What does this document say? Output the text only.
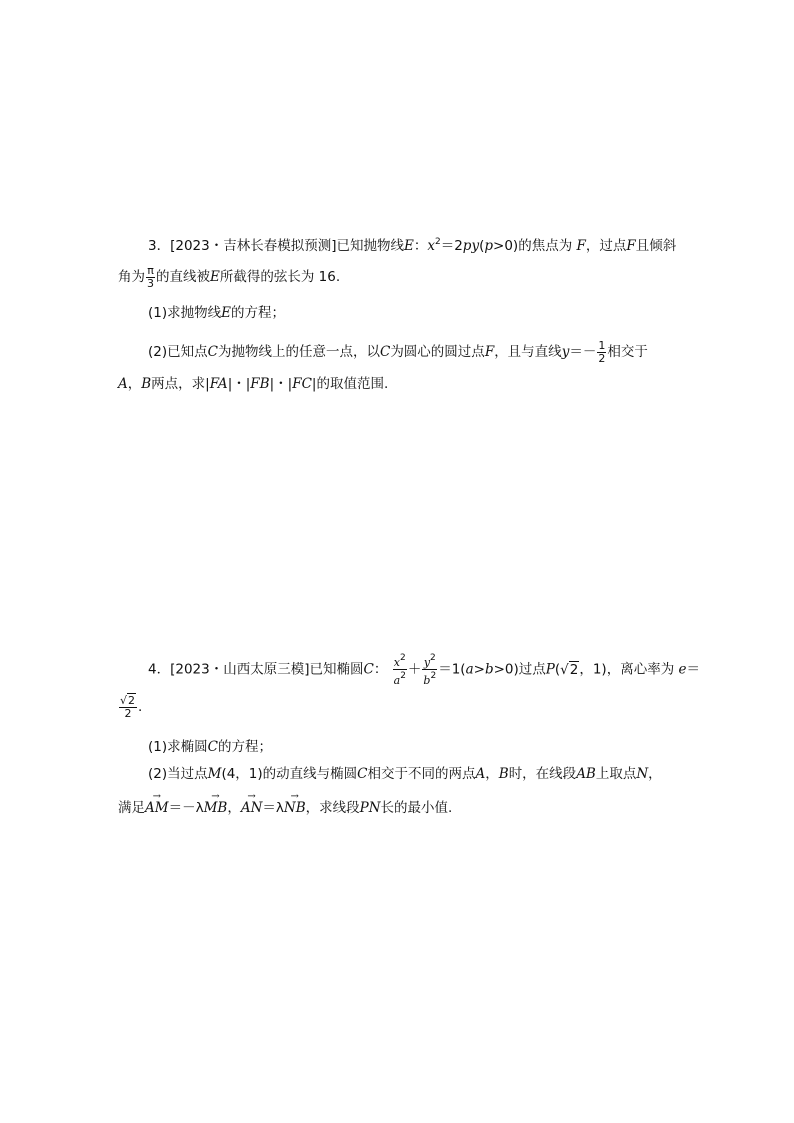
3．[2023・吉林长春模拟预测]已知抛物线E：$x^2=2py(p>0)$的焦点为 F，过点F且倾斜
角为 $\frac{\pi}{3}$ 的直线被E所截得的弦长为 16.
(1)求抛物线E的方程；
(2)已知点C为抛物线上的任意一点，以C为圆心的圆过点F，且与直线$y=- \frac{1}{2}$ 相交于
A，B两点，求|FA|・|FB|・|FC|的取值范围.
4．[2023・山西太原三模]已知椭圆C： $\frac{x^2}{a^2} + \frac{y^2}{b^2} =1(a>b>0)$过点P(√2，1)，离心率为 e＝
$\frac{√2}{2}$ .
(1)求椭圆C的方程；
(2)当过点M(4，1)的动直线与椭圆C相交于不同的两点A，B时，在线段AB上取点N，
满足→ AM＝－λ→ MB，→ AN＝λ→ NB，求线段PN长的最小值.
